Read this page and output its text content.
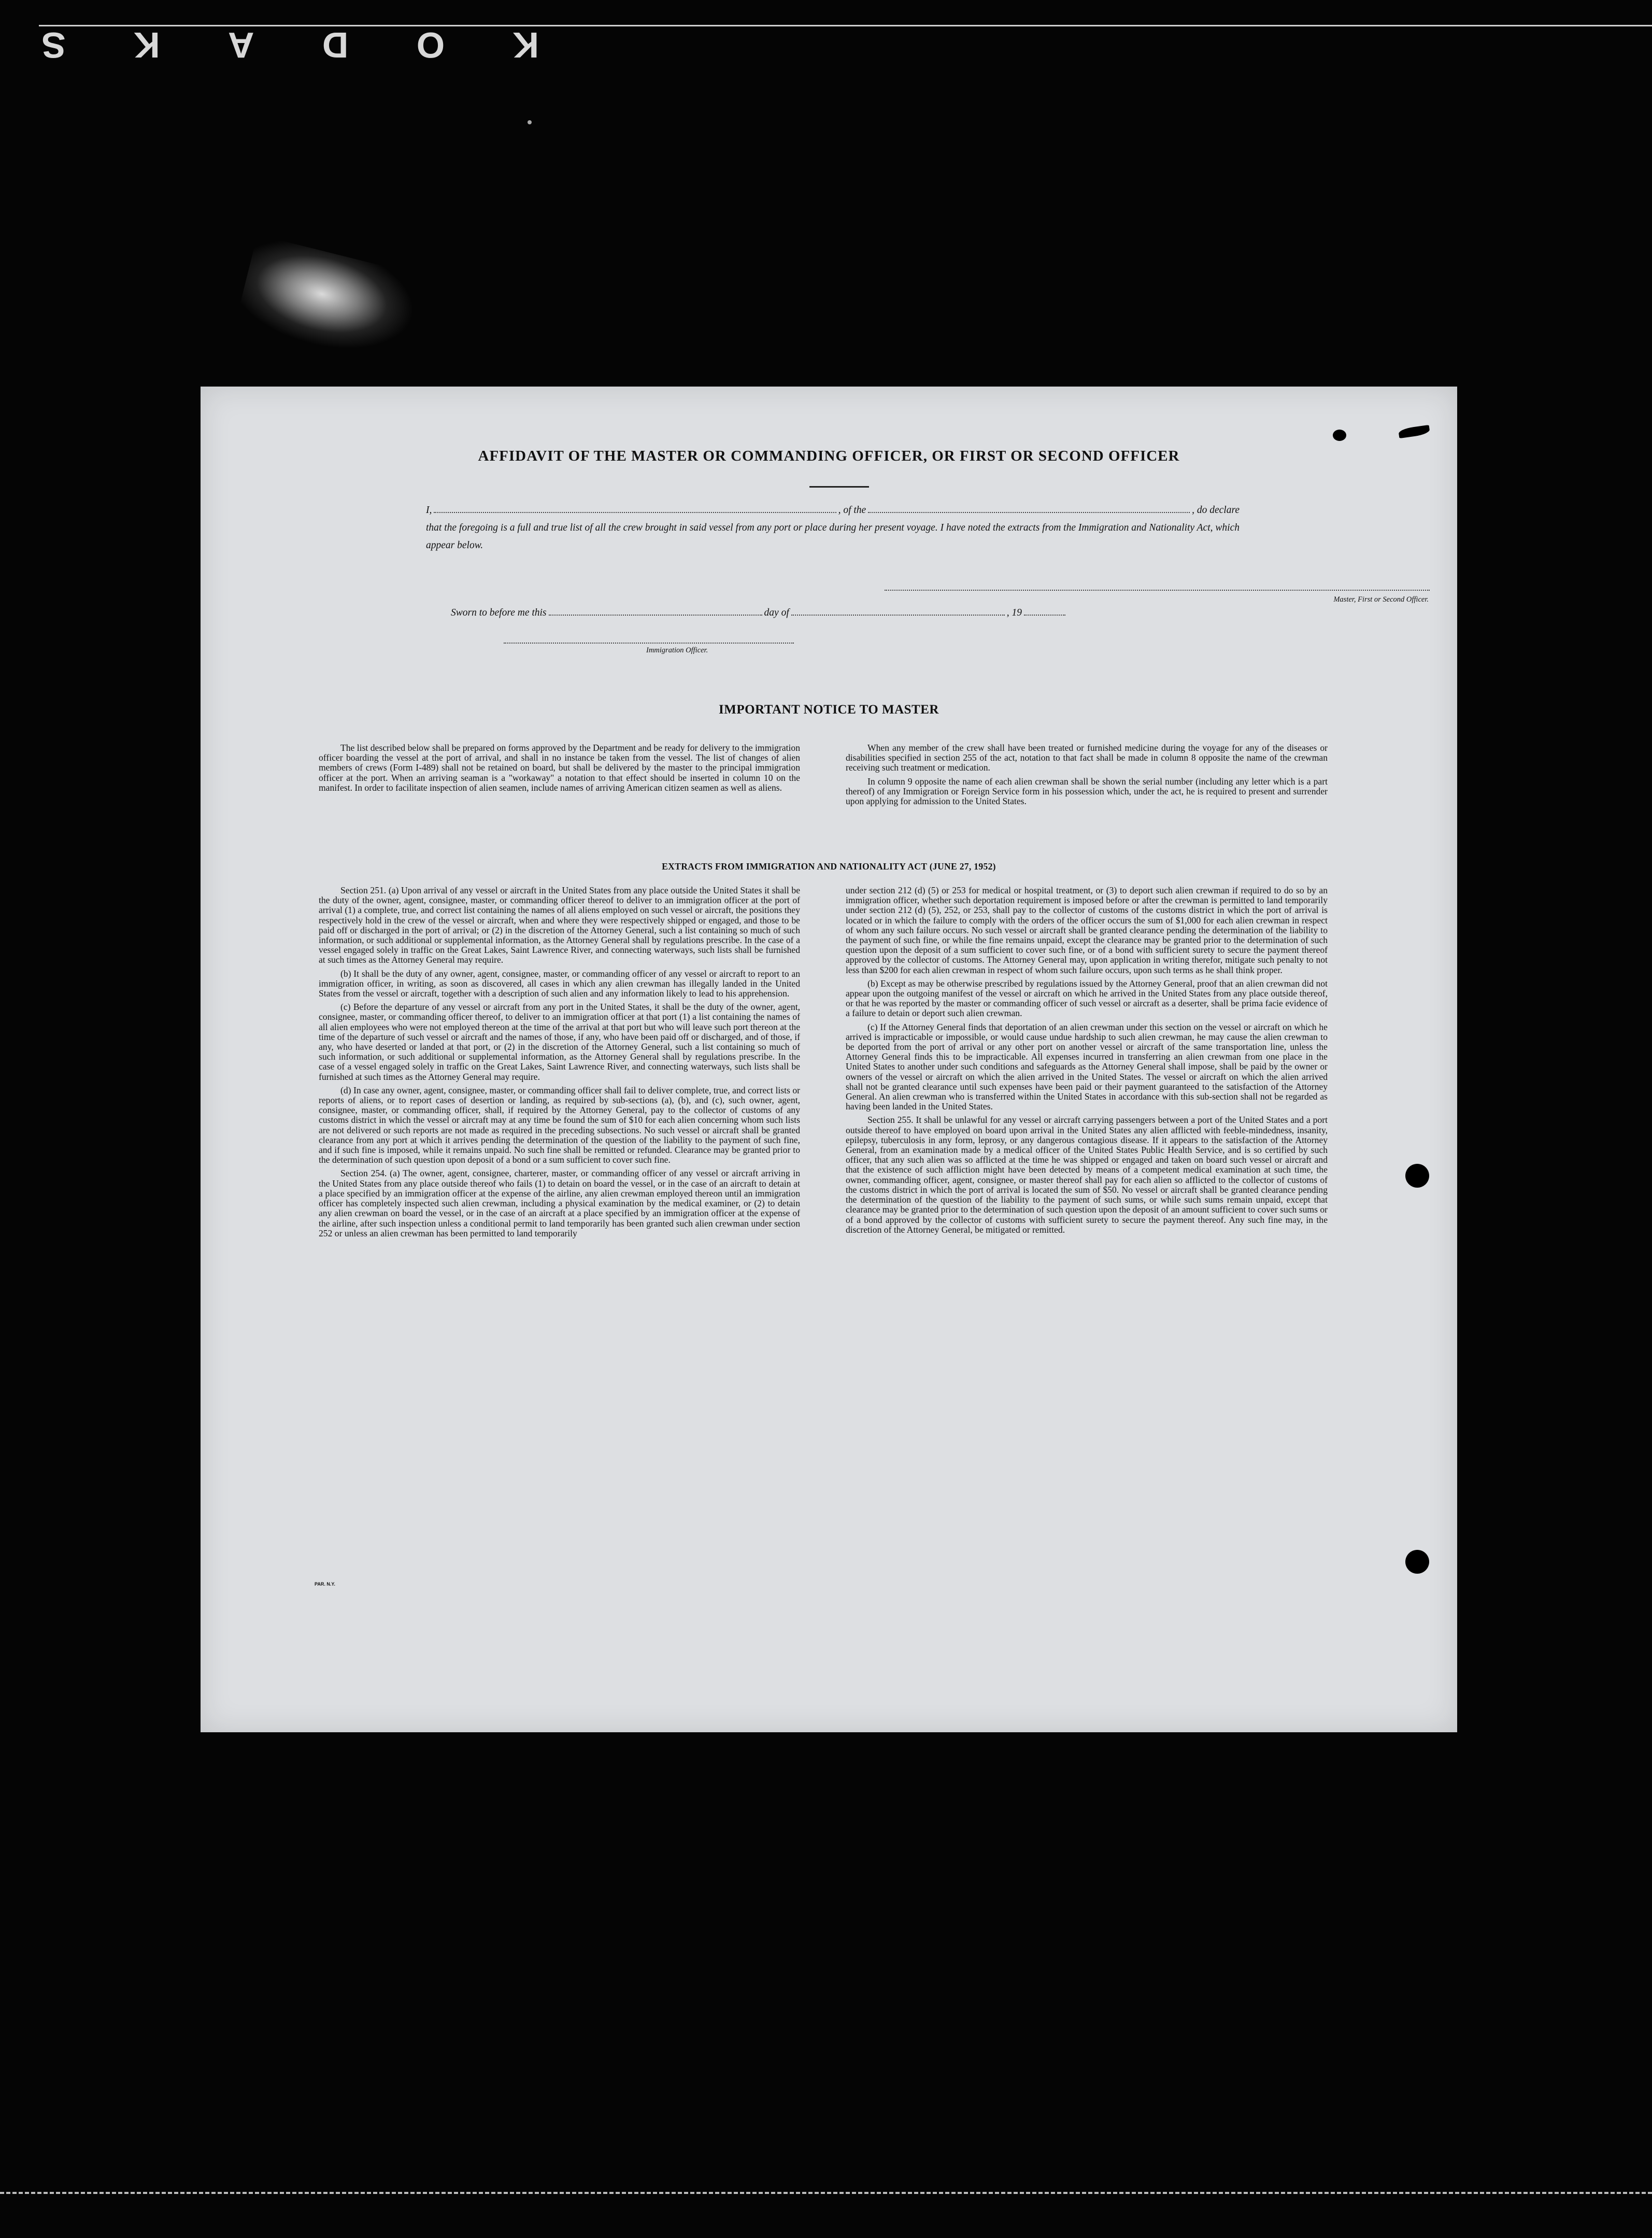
K
O
D
A
K
S
AFFIDAVIT OF THE MASTER OR COMMANDING OFFICER, OR FIRST OR SECOND OFFICER
I,	, of the	, do declare
that the foregoing is a full and true list of all the crew brought in said vessel from any port or place during her present voyage. I have noted the extracts from the Immigration and Nationality Act, which appear below.
Master, First or Second Officer.
Sworn to before me this	day of	, 19
Immigration Officer.
IMPORTANT NOTICE TO MASTER

The list described below shall be prepared on forms approved by the Department and be ready for delivery to the immigration officer boarding the vessel at the port of arrival, and shall in no instance be taken from the vessel. The list of changes of alien members of crews (Form I-489) shall not be retained on board, but shall be delivered by the master to the principal immigration officer at the port. When an arriving seaman is a "workaway" a notation to that effect should be inserted in column 10 on the manifest. In order to facilitate inspection of alien seamen, include names of arriving American citizen seamen as well as aliens.

When any member of the crew shall have been treated or furnished medicine during the voyage for any of the diseases or disabilities specified in section 255 of the act, notation to that fact shall be made in column 8 opposite the name of the crewman receiving such treatment or medication.

In column 9 opposite the name of each alien crewman shall be shown the serial number (including any letter which is a part thereof) of any Immigration or Foreign Service form in his possession which, under the act, he is required to present and surrender upon applying for admission to the United States.

EXTRACTS FROM IMMIGRATION AND NATIONALITY ACT (JUNE 27, 1952)

Section 251. (a) Upon arrival of any vessel or aircraft in the United States from any place outside the United States it shall be the duty of the owner, agent, consignee, master, or commanding officer thereof to deliver to an immigration officer at the port of arrival (1) a complete, true, and correct list containing the names of all aliens employed on such vessel or aircraft, the positions they respectively hold in the crew of the vessel or aircraft, when and where they were respectively shipped or engaged, and those to be paid off or discharged in the port of arrival; or (2) in the discretion of the Attorney General, such a list containing so much of such information, or such additional or supplemental information, as the Attorney General shall by regulations prescribe. In the case of a vessel engaged solely in traffic on the Great Lakes, Saint Lawrence River, and connecting waterways, such lists shall be furnished at such times as the Attorney General may require.

(b) It shall be the duty of any owner, agent, consignee, master, or commanding officer of any vessel or aircraft to report to an immigration officer, in writing, as soon as discovered, all cases in which any alien crewman has illegally landed in the United States from the vessel or aircraft, together with a description of such alien and any information likely to lead to his apprehension.

(c) Before the departure of any vessel or aircraft from any port in the United States, it shall be the duty of the owner, agent, consignee, master, or commanding officer thereof, to deliver to an immigration officer at that port (1) a list containing the names of all alien employees who were not employed thereon at the time of the arrival at that port but who will leave such port thereon at the time of the departure of such vessel or aircraft and the names of those, if any, who have been paid off or discharged, and of those, if any, who have deserted or landed at that port, or (2) in the discretion of the Attorney General, such a list containing so much of such information, or such additional or supplemental information, as the Attorney General shall by regulations prescribe. In the case of a vessel engaged solely in traffic on the Great Lakes, Saint Lawrence River, and connecting waterways, such lists shall be furnished at such times as the Attorney General may require.

(d) In case any owner, agent, consignee, master, or commanding officer shall fail to deliver complete, true, and correct lists or reports of aliens, or to report cases of desertion or landing, as required by sub-sections (a), (b), and (c), such owner, agent, consignee, master, or commanding officer, shall, if required by the Attorney General, pay to the collector of customs of any customs district in which the vessel or aircraft may at any time be found the sum of $10 for each alien concerning whom such lists are not delivered or such reports are not made as required in the preceding subsections. No such vessel or aircraft shall be granted clearance from any port at which it arrives pending the determination of the question of the liability to the payment of such fine, and if such fine is imposed, while it remains unpaid. No such fine shall be remitted or refunded. Clearance may be granted prior to the determination of such question upon deposit of a bond or a sum sufficient to cover such fine.

Section 254. (a) The owner, agent, consignee, charterer, master, or commanding officer of any vessel or aircraft arriving in the United States from any place outside thereof who fails (1) to detain on board the vessel, or in the case of an aircraft to detain at a place specified by an immigration officer at the expense of the airline, any alien crewman employed thereon until an immigration officer has completely inspected such alien crewman, including a physical examination by the medical examiner, or (2) to detain any alien crewman on board the vessel, or in the case of an aircraft at a place specified by an immigration officer at the expense of the airline, after such inspection unless a conditional permit to land temporarily has been granted such alien crewman under section 252 or unless an alien crewman has been permitted to land temporarily

under section 212 (d) (5) or 253 for medical or hospital treatment, or (3) to deport such alien crewman if required to do so by an immigration officer, whether such deportation requirement is imposed before or after the crewman is permitted to land temporarily under section 212 (d) (5), 252, or 253, shall pay to the collector of customs of the customs district in which the port of arrival is located or in which the failure to comply with the orders of the officer occurs the sum of $1,000 for each alien crewman in respect of whom any such failure occurs. No such vessel or aircraft shall be granted clearance pending the determination of the liability to the payment of such fine, or while the fine remains unpaid, except the clearance may be granted prior to the determination of such question upon the deposit of a sum sufficient to cover such fine, or of a bond with sufficient surety to secure the payment thereof approved by the collector of customs. The Attorney General may, upon application in writing therefor, mitigate such penalty to not less than $200 for each alien crewman in respect of whom such failure occurs, upon such terms as he shall think proper.

(b) Except as may be otherwise prescribed by regulations issued by the Attorney General, proof that an alien crewman did not appear upon the outgoing manifest of the vessel or aircraft on which he arrived in the United States from any place outside thereof, or that he was reported by the master or commanding officer of such vessel or aircraft as a deserter, shall be prima facie evidence of a failure to detain or deport such alien crewman.

(c) If the Attorney General finds that deportation of an alien crewman under this section on the vessel or aircraft on which he arrived is impracticable or impossible, or would cause undue hardship to such alien crewman, he may cause the alien crewman to be deported from the port of arrival or any other port on another vessel or aircraft of the same transportation line, unless the Attorney General finds this to be impracticable. All expenses incurred in transferring an alien crewman from one place in the United States to another under such conditions and safeguards as the Attorney General shall impose, shall be paid by the owner or owners of the vessel or aircraft on which the alien arrived in the United States. The vessel or aircraft on which the alien arrived shall not be granted clearance until such expenses have been paid or their payment guaranteed to the satisfaction of the Attorney General. An alien crewman who is transferred within the United States in accordance with this sub-section shall not be regarded as having been landed in the United States.

Section 255. It shall be unlawful for any vessel or aircraft carrying passengers between a port of the United States and a port outside thereof to have employed on board upon arrival in the United States any alien afflicted with feeble-mindedness, insanity, epilepsy, tuberculosis in any form, leprosy, or any dangerous contagious disease. If it appears to the satisfaction of the Attorney General, from an examination made by a medical officer of the United States Public Health Service, and is so certified by such officer, that any such alien was so afflicted at the time he was shipped or engaged and taken on board such vessel or aircraft and that the existence of such affliction might have been detected by means of a competent medical examination at such time, the owner, commanding officer, agent, consignee, or master thereof shall pay for each alien so afflicted to the collector of customs of the customs district in which the port of arrival is located the sum of $50. No vessel or aircraft shall be granted clearance pending the determination of the question of the liability to the payment of such sums, or while such sums remain unpaid, except that clearance may be granted prior to the determination of such question upon the deposit of an amount sufficient to cover such sums or of a bond approved by the collector of customs with sufficient surety to secure the payment thereof. Any such fine may, in the discretion of the Attorney General, be mitigated or remitted.

PAR. N.Y.
